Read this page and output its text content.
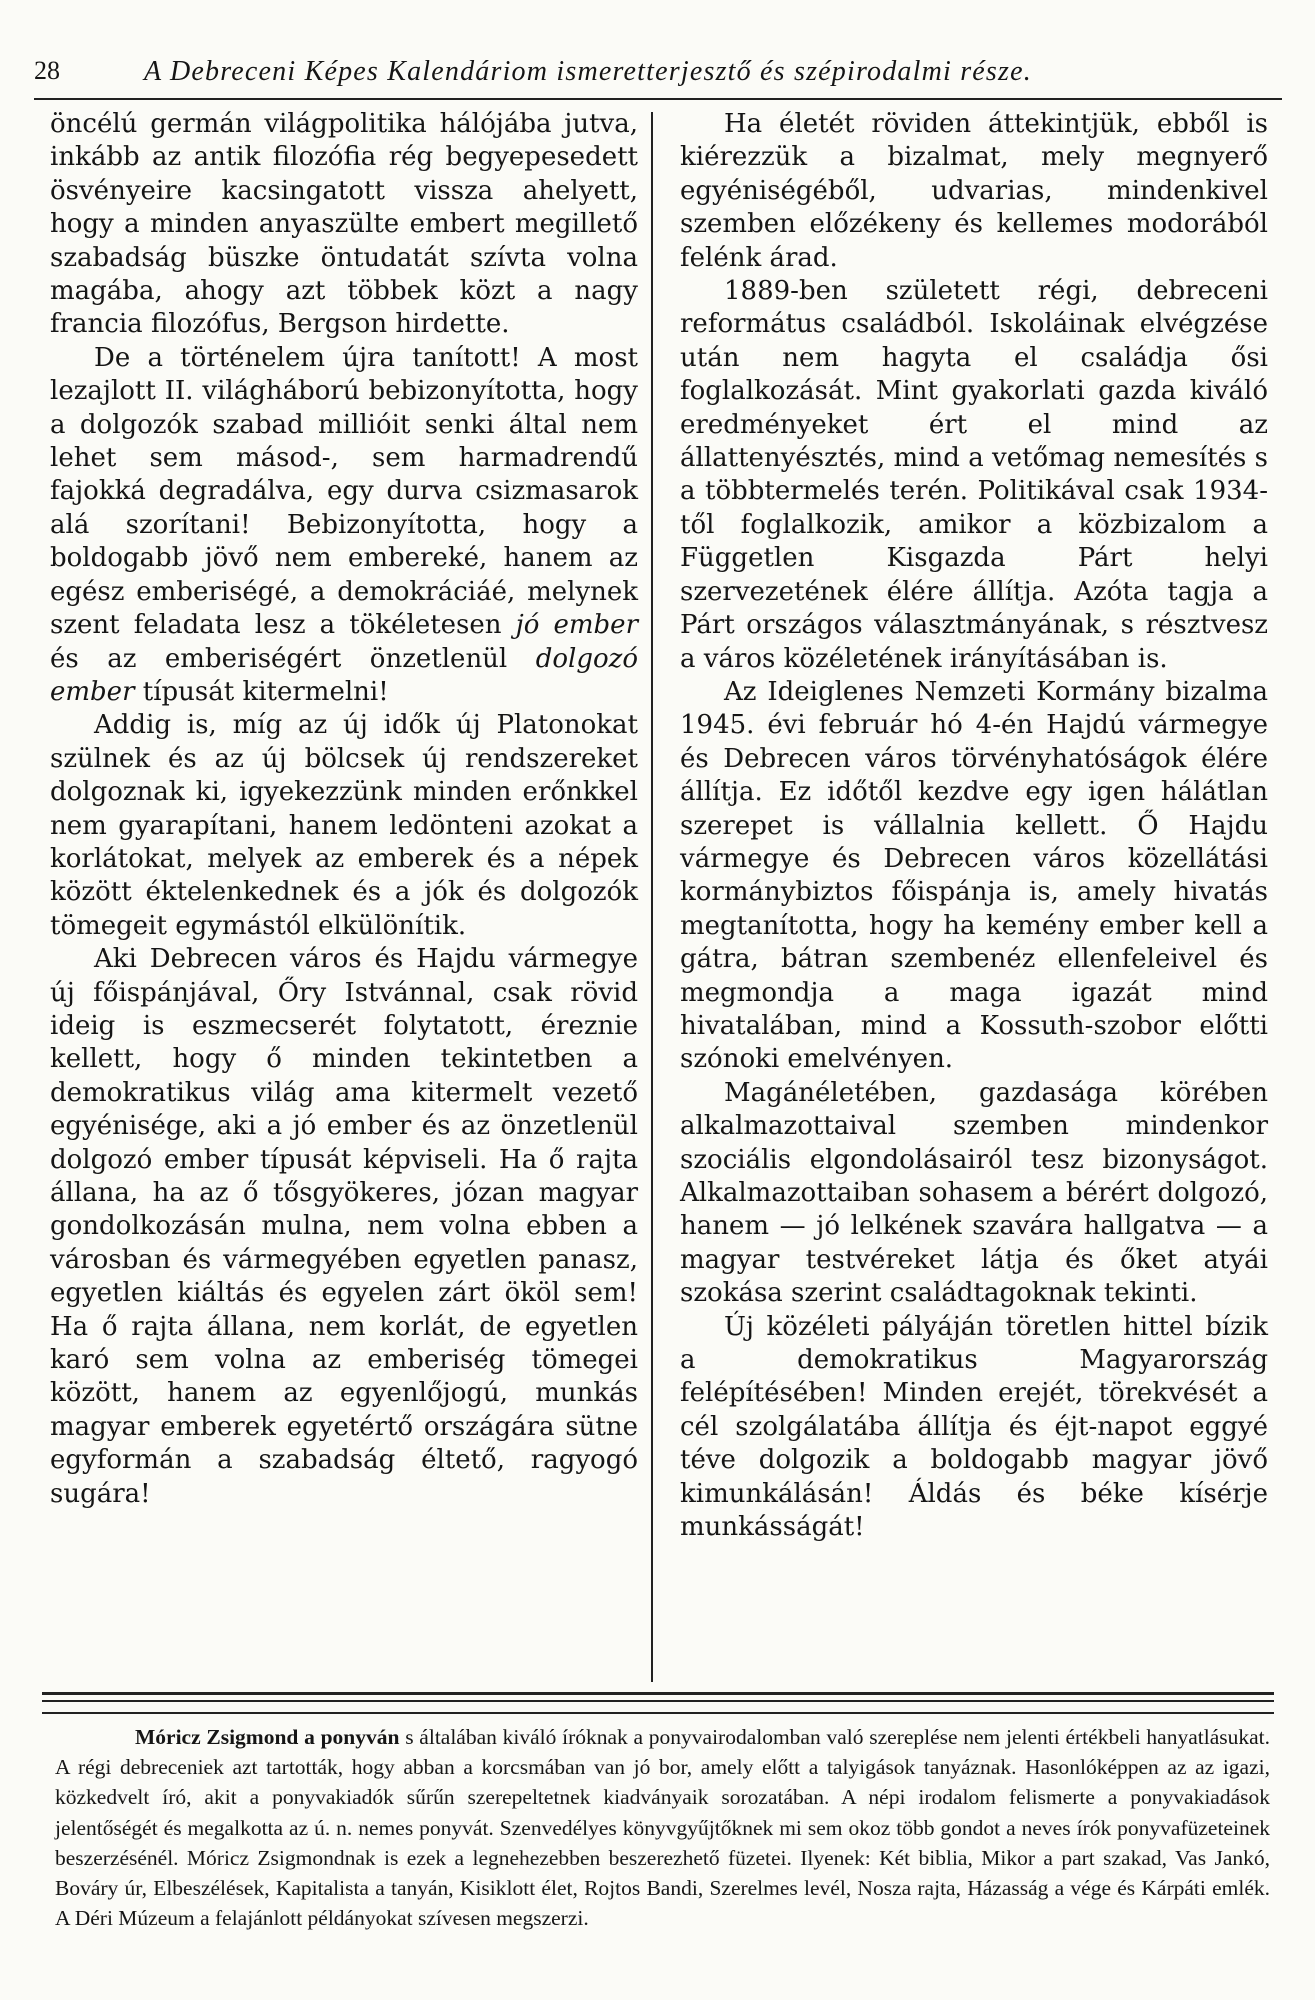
28	A Debreceni Képes Kalendáriom ismeretterjesztő és szépirodalmi része.

öncélú germán világpolitika hálójába jutva, inkább az antik filozófia rég begyepesedett ösvényeire kacsingatott vissza ahelyett, hogy a minden anyaszülte embert megillető szabadság büszke öntudatát szívta volna magába, ahogy azt többek közt a nagy francia filozófus, Bergson hirdette.

De a történelem újra tanított! A most lezajlott II. világháború bebizonyította, hogy a dolgozók szabad millióit senki által nem lehet sem másod-, sem harmadrendű fajokká degradálva, egy durva csizmasarok alá szorítani! Bebizonyította, hogy a boldogabb jövő nem embereké, hanem az egész emberiségé, a demokráciáé, melynek szent feladata lesz a tökéletesen jó ember és az emberiségért önzetlenül dolgozó ember típusát kitermelni!

Addig is, míg az új idők új Platonokat szülnek és az új bölcsek új rendszereket dolgoznak ki, igyekezzünk minden erőnkkel nem gyarapítani, hanem ledönteni azokat a korlátokat, melyek az emberek és a népek között éktelenkednek és a jók és dolgozók tömegeit egymástól elkülönítik.

Aki Debrecen város és Hajdu vármegye új főispánjával, Őry Istvánnal, csak rövid ideig is eszmecserét folytatott, éreznie kellett, hogy ő minden tekintetben a demokratikus világ ama kitermelt vezető egyénisége, aki a jó ember és az önzetlenül dolgozó ember típusát képviseli. Ha ő rajta állana, ha az ő tősgyökeres, józan magyar gondolkozásán mulna, nem volna ebben a városban és vármegyében egyetlen panasz, egyetlen kiáltás és egyelen zárt ököl sem! Ha ő rajta állana, nem korlát, de egyetlen karó sem volna az emberiség tömegei között, hanem az egyenlőjogú, munkás magyar emberek egyetértő országára sütne egyformán a szabadság éltető, ragyogó sugára!

Ha életét röviden áttekintjük, ebből is kiérezzük a bizalmat, mely megnyerő egyéniségéből, udvarias, mindenkivel szemben előzékeny és kellemes modorából felénk árad.

1889-ben született régi, debreceni református családból. Iskoláinak elvégzése után nem hagyta el családja ősi foglalkozását. Mint gyakorlati gazda kiváló eredményeket ért el mind az állattenyésztés, mind a vetőmag nemesítés s a többtermelés terén. Politikával csak 1934-től foglalkozik, amikor a közbizalom a Független Kisgazda Párt helyi szervezetének élére állítja. Azóta tagja a Párt országos választmányának, s résztvesz a város közéletének irányításában is.

Az Ideiglenes Nemzeti Kormány bizalma 1945. évi február hó 4-én Hajdú vármegye és Debrecen város törvényhatóságok élére állítja. Ez időtől kezdve egy igen hálátlan szerepet is vállalnia kellett. Ő Hajdu vármegye és Debrecen város közellátási kormánybiztos főispánja is, amely hivatás megtanította, hogy ha kemény ember kell a gátra, bátran szembenéz ellenfeleivel és megmondja a maga igazát mind hivatalában, mind a Kossuth-szobor előtti szónoki emelvényen.

Magánéletében, gazdasága körében alkalmazottaival szemben mindenkor szociális elgondolásairól tesz bizonyságot. Alkalmazottaiban sohasem a bérért dolgozó, hanem — jó lelkének szavára hallgatva — a magyar testvéreket látja és őket atyái szokása szerint családtagoknak tekinti.

Új közéleti pályáján töretlen hittel bízik a demokratikus Magyarország felépítésében! Minden erejét, törekvését a cél szolgálatába állítja és éjt-napot eggyé téve dolgozik a boldogabb magyar jövő kimunkálásán! Áldás és béke kísérje munkásságát!

Móricz Zsigmond a ponyván s általában kiváló íróknak a ponyvairodalomban való szereplése nem jelenti értékbeli hanyatlásukat. A régi debreceniek azt tartották, hogy abban a korcsmában van jó bor, amely előtt a talyigások tanyáznak. Hasonlóképpen az az igazi, közkedvelt író, akit a ponyvakiadók sűrűn szerepeltetnek kiadványaik sorozatában. A népi irodalom felismerte a ponyvakiadások jelentőségét és megalkotta az ú. n. nemes ponyvát. Szenvedélyes könyvgyűjtőknek mi sem okoz több gondot a neves írók ponyvafüzeteinek beszerzésénél. Móricz Zsigmondnak is ezek a legnehezebben beszerezhető füzetei. Ilyenek: Két biblia, Mikor a part szakad, Vas Jankó, Bováry úr, Elbeszélések, Kapitalista a tanyán, Kisiklott élet, Rojtos Bandi, Szerelmes levél, Nosza rajta, Házasság a vége és Kárpáti emlék. A Déri Múzeum a felajánlott példányokat szívesen megszerzi.
